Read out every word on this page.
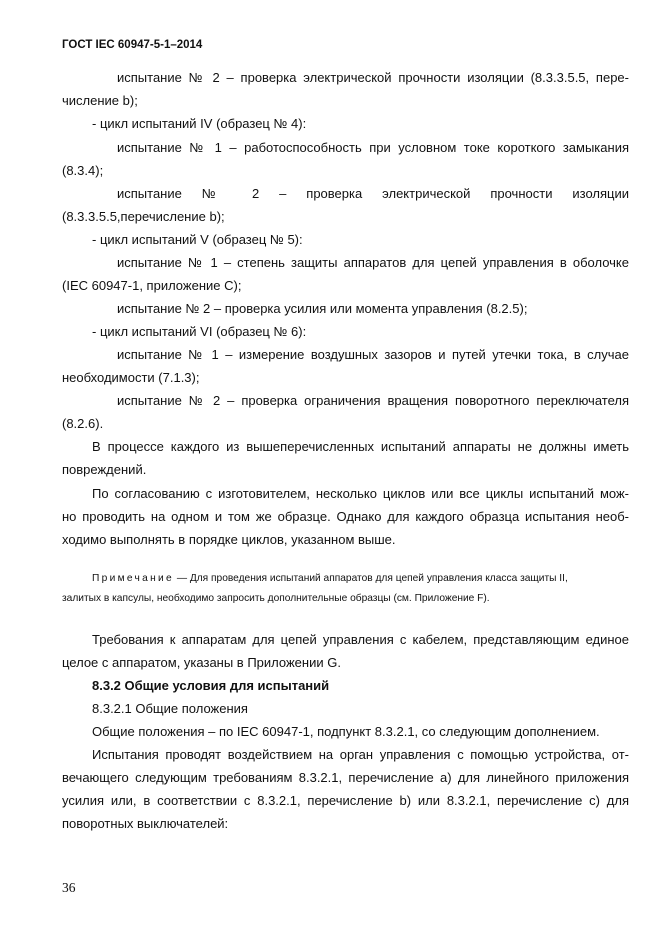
ГОСТ IEC 60947-5-1–2014
испытание № 2 – проверка электрической прочности изоляции (8.3.3.5.5, пере-
числение b);
- цикл испытаний IV (образец № 4):
испытание № 1 – работоспособность при условном токе короткого замыкания
(8.3.4);
испытание № 2 – проверка электрической прочности изоляции
(8.3.3.5.5,перечисление b);
- цикл испытаний V (образец № 5):
испытание № 1 – степень защиты аппаратов для цепей управления в оболочке
(IEC 60947-1, приложение C);
испытание № 2 – проверка усилия или момента управления (8.2.5);
- цикл испытаний VI (образец № 6):
испытание № 1 – измерение воздушных зазоров и путей утечки тока, в случае
необходимости (7.1.3);
испытание № 2 – проверка ограничения вращения поворотного переключателя
(8.2.6).
В процессе каждого из вышеперечисленных испытаний аппараты не должны иметь
повреждений.
По согласованию с изготовителем, несколько циклов или все циклы испытаний мож-
но проводить на одном и том же образце. Однако для каждого образца испытания необ-
ходимо выполнять в порядке циклов, указанном выше.
Примечание — Для проведения испытаний аппаратов для цепей управления класса защиты II,
залитых в капсулы, необходимо запросить дополнительные образцы (см. Приложение F).
Требования к аппаратам для цепей управления с кабелем, представляющим единое
целое с аппаратом, указаны в Приложении G.
8.3.2 Общие условия для испытаний
8.3.2.1 Общие положения
Общие положения – по IEC 60947-1, подпункт 8.3.2.1, со следующим дополнением.
Испытания проводят воздействием на орган управления с помощью устройства, от-
вечающего следующим требованиям 8.3.2.1, перечисление a) для линейного приложения
усилия или, в соответствии с 8.3.2.1, перечисление b) или 8.3.2.1, перечисление c) для
поворотных выключателей:
36
